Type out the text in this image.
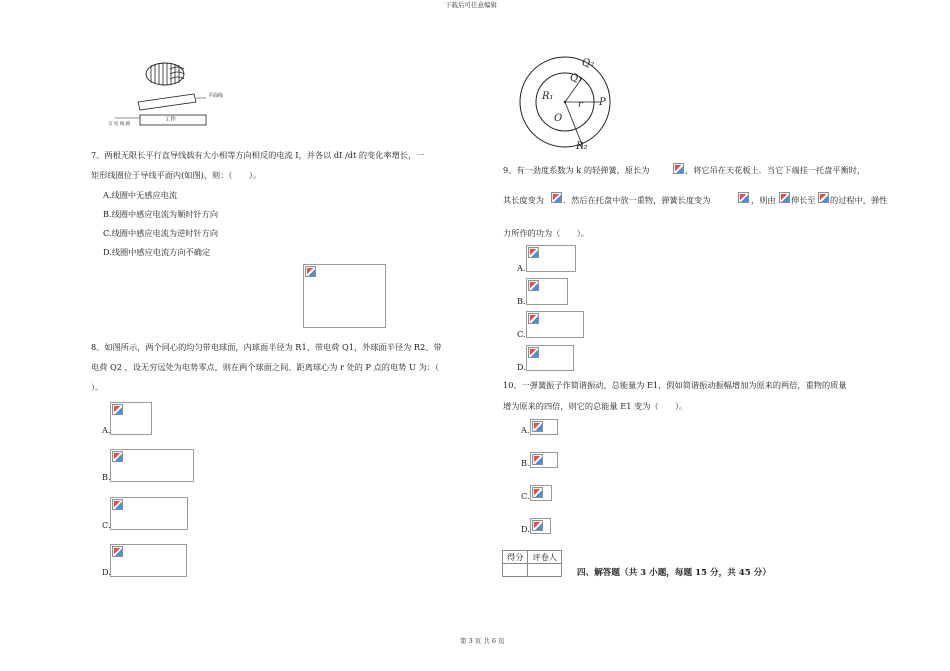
下载后可任意编辑
第 3 页 共 6 页
平面线
工件
交 电 线 路
7、两根无限长平行直导线载有大小相等方向相反的电流 I，并各以 dI /dt 的变化率增长，一
矩形线圈位于导线平面内(如图)，则：（　　）。
A.线圈中无感应电流
B.线圈中感应电流为顺时针方向
C.线圈中感应电流为逆时针方向
D.线圈中感应电流方向不确定
8、如图所示，两个同心的均匀带电球面，内球面半径为 R1、带电荷 Q1，外球面半径为 R2、带
电荷 Q2 ，设无穷远处为电势零点，则在两个球面之间、距离球心为 r 处的 P 点的电势 U 为：（
）。
A.
B.
C.
D.
Q₂
Q₁
R₁
O
r P
R₂
9、有一劲度系数为 k 的轻弹簧，原长为	，将它吊在天花板上．当它下端挂一托盘平衡时，
其长度变为 ．然后在托盘中放一重物，弹簧长度变为	，则由 伸长至 的过程中，弹性
力所作的功为（　　）。
A.
B.
C.
D.
10、一弹簧振子作简谐振动，总能量为 E1，假如简谐振动振幅增加为原来的两倍，重物的质量
增为原来的四倍，则它的总能量 E1 变为（　　）。
A.
B.
C.
D.
得分	评卷人

四、解答题（共 3 小题，每题 15 分，共 45 分）
